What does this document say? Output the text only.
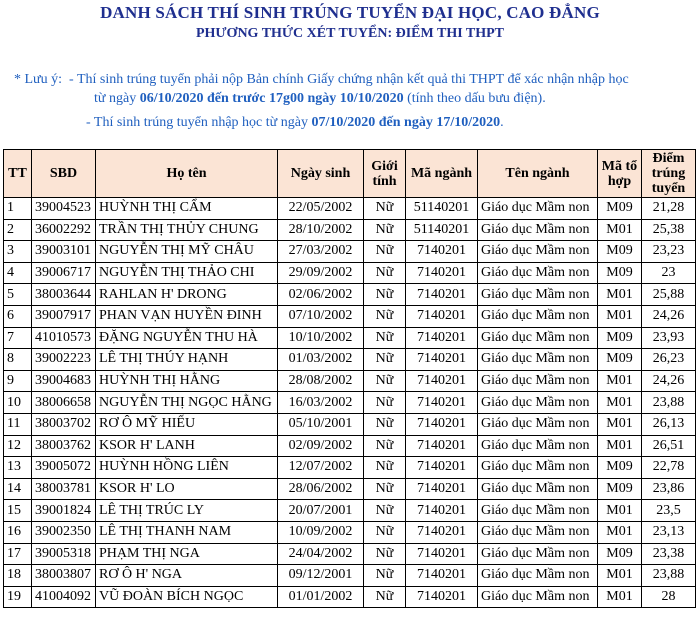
DANH SÁCH THÍ SINH TRÚNG TUYỂN ĐẠI HỌC, CAO ĐẲNG
PHƯƠNG THỨC XÉT TUYỂN: ĐIỂM THI THPT
* Lưu ý: - Thí sinh trúng tuyển phải nộp Bản chính Giấy chứng nhận kết quả thi THPT để xác nhận nhập học
từ ngày 06/10/2020 đến trước 17g00 ngày 10/10/2020 (tính theo dấu bưu điện).
- Thí sinh trúng tuyển nhập học từ ngày 07/10/2020 đến ngày 17/10/2020.
TT	SBD	Họ tên	Ngày sinh	Giới tính	Mã ngành	Tên ngành	Mã tổ hợp	Điểm trúng tuyển
1	39004523	HUỲNH THỊ CẨM	22/05/2002	Nữ	51140201	Giáo dục Mầm non	M09	21,28
2	36002292	TRẦN THỊ THỦY CHUNG	28/10/2002	Nữ	51140201	Giáo dục Mầm non	M01	25,38
3	39003101	NGUYỄN THỊ MỸ CHÂU	27/03/2002	Nữ	7140201	Giáo dục Mầm non	M09	23,23
4	39006717	NGUYỄN THỊ THẢO CHI	29/09/2002	Nữ	7140201	Giáo dục Mầm non	M09	23
5	38003644	RAHLAN H' DRONG	02/06/2002	Nữ	7140201	Giáo dục Mầm non	M01	25,88
6	39007917	PHAN VẠN HUYỀN ĐINH	07/10/2002	Nữ	7140201	Giáo dục Mầm non	M01	24,26
7	41010573	ĐẶNG NGUYỄN THU HÀ	10/10/2002	Nữ	7140201	Giáo dục Mầm non	M09	23,93
8	39002223	LÊ THỊ THÚY HẠNH	01/03/2002	Nữ	7140201	Giáo dục Mầm non	M09	26,23
9	39004683	HUỲNH THỊ HẰNG	28/08/2002	Nữ	7140201	Giáo dục Mầm non	M01	24,26
10	38006658	NGUYỄN THỊ NGỌC HẰNG	16/03/2002	Nữ	7140201	Giáo dục Mầm non	M01	23,88
11	38003702	RƠ Ô MỸ HIẾU	05/10/2001	Nữ	7140201	Giáo dục Mầm non	M01	26,13
12	38003762	KSOR H' LANH	02/09/2002	Nữ	7140201	Giáo dục Mầm non	M01	26,51
13	39005072	HUỲNH HỒNG LIÊN	12/07/2002	Nữ	7140201	Giáo dục Mầm non	M09	22,78
14	38003781	KSOR H' LO	28/06/2002	Nữ	7140201	Giáo dục Mầm non	M09	23,86
15	39001824	LÊ THỊ TRÚC LY	20/07/2001	Nữ	7140201	Giáo dục Mầm non	M01	23,5
16	39002350	LÊ THỊ THANH NAM	10/09/2002	Nữ	7140201	Giáo dục Mầm non	M01	23,13
17	39005318	PHẠM THỊ NGA	24/04/2002	Nữ	7140201	Giáo dục Mầm non	M09	23,38
18	38003807	RƠ Ô H' NGA	09/12/2001	Nữ	7140201	Giáo dục Mầm non	M01	23,88
19	41004092	VŨ ĐOÀN BÍCH NGỌC	01/01/2002	Nữ	7140201	Giáo dục Mầm non	M01	28
